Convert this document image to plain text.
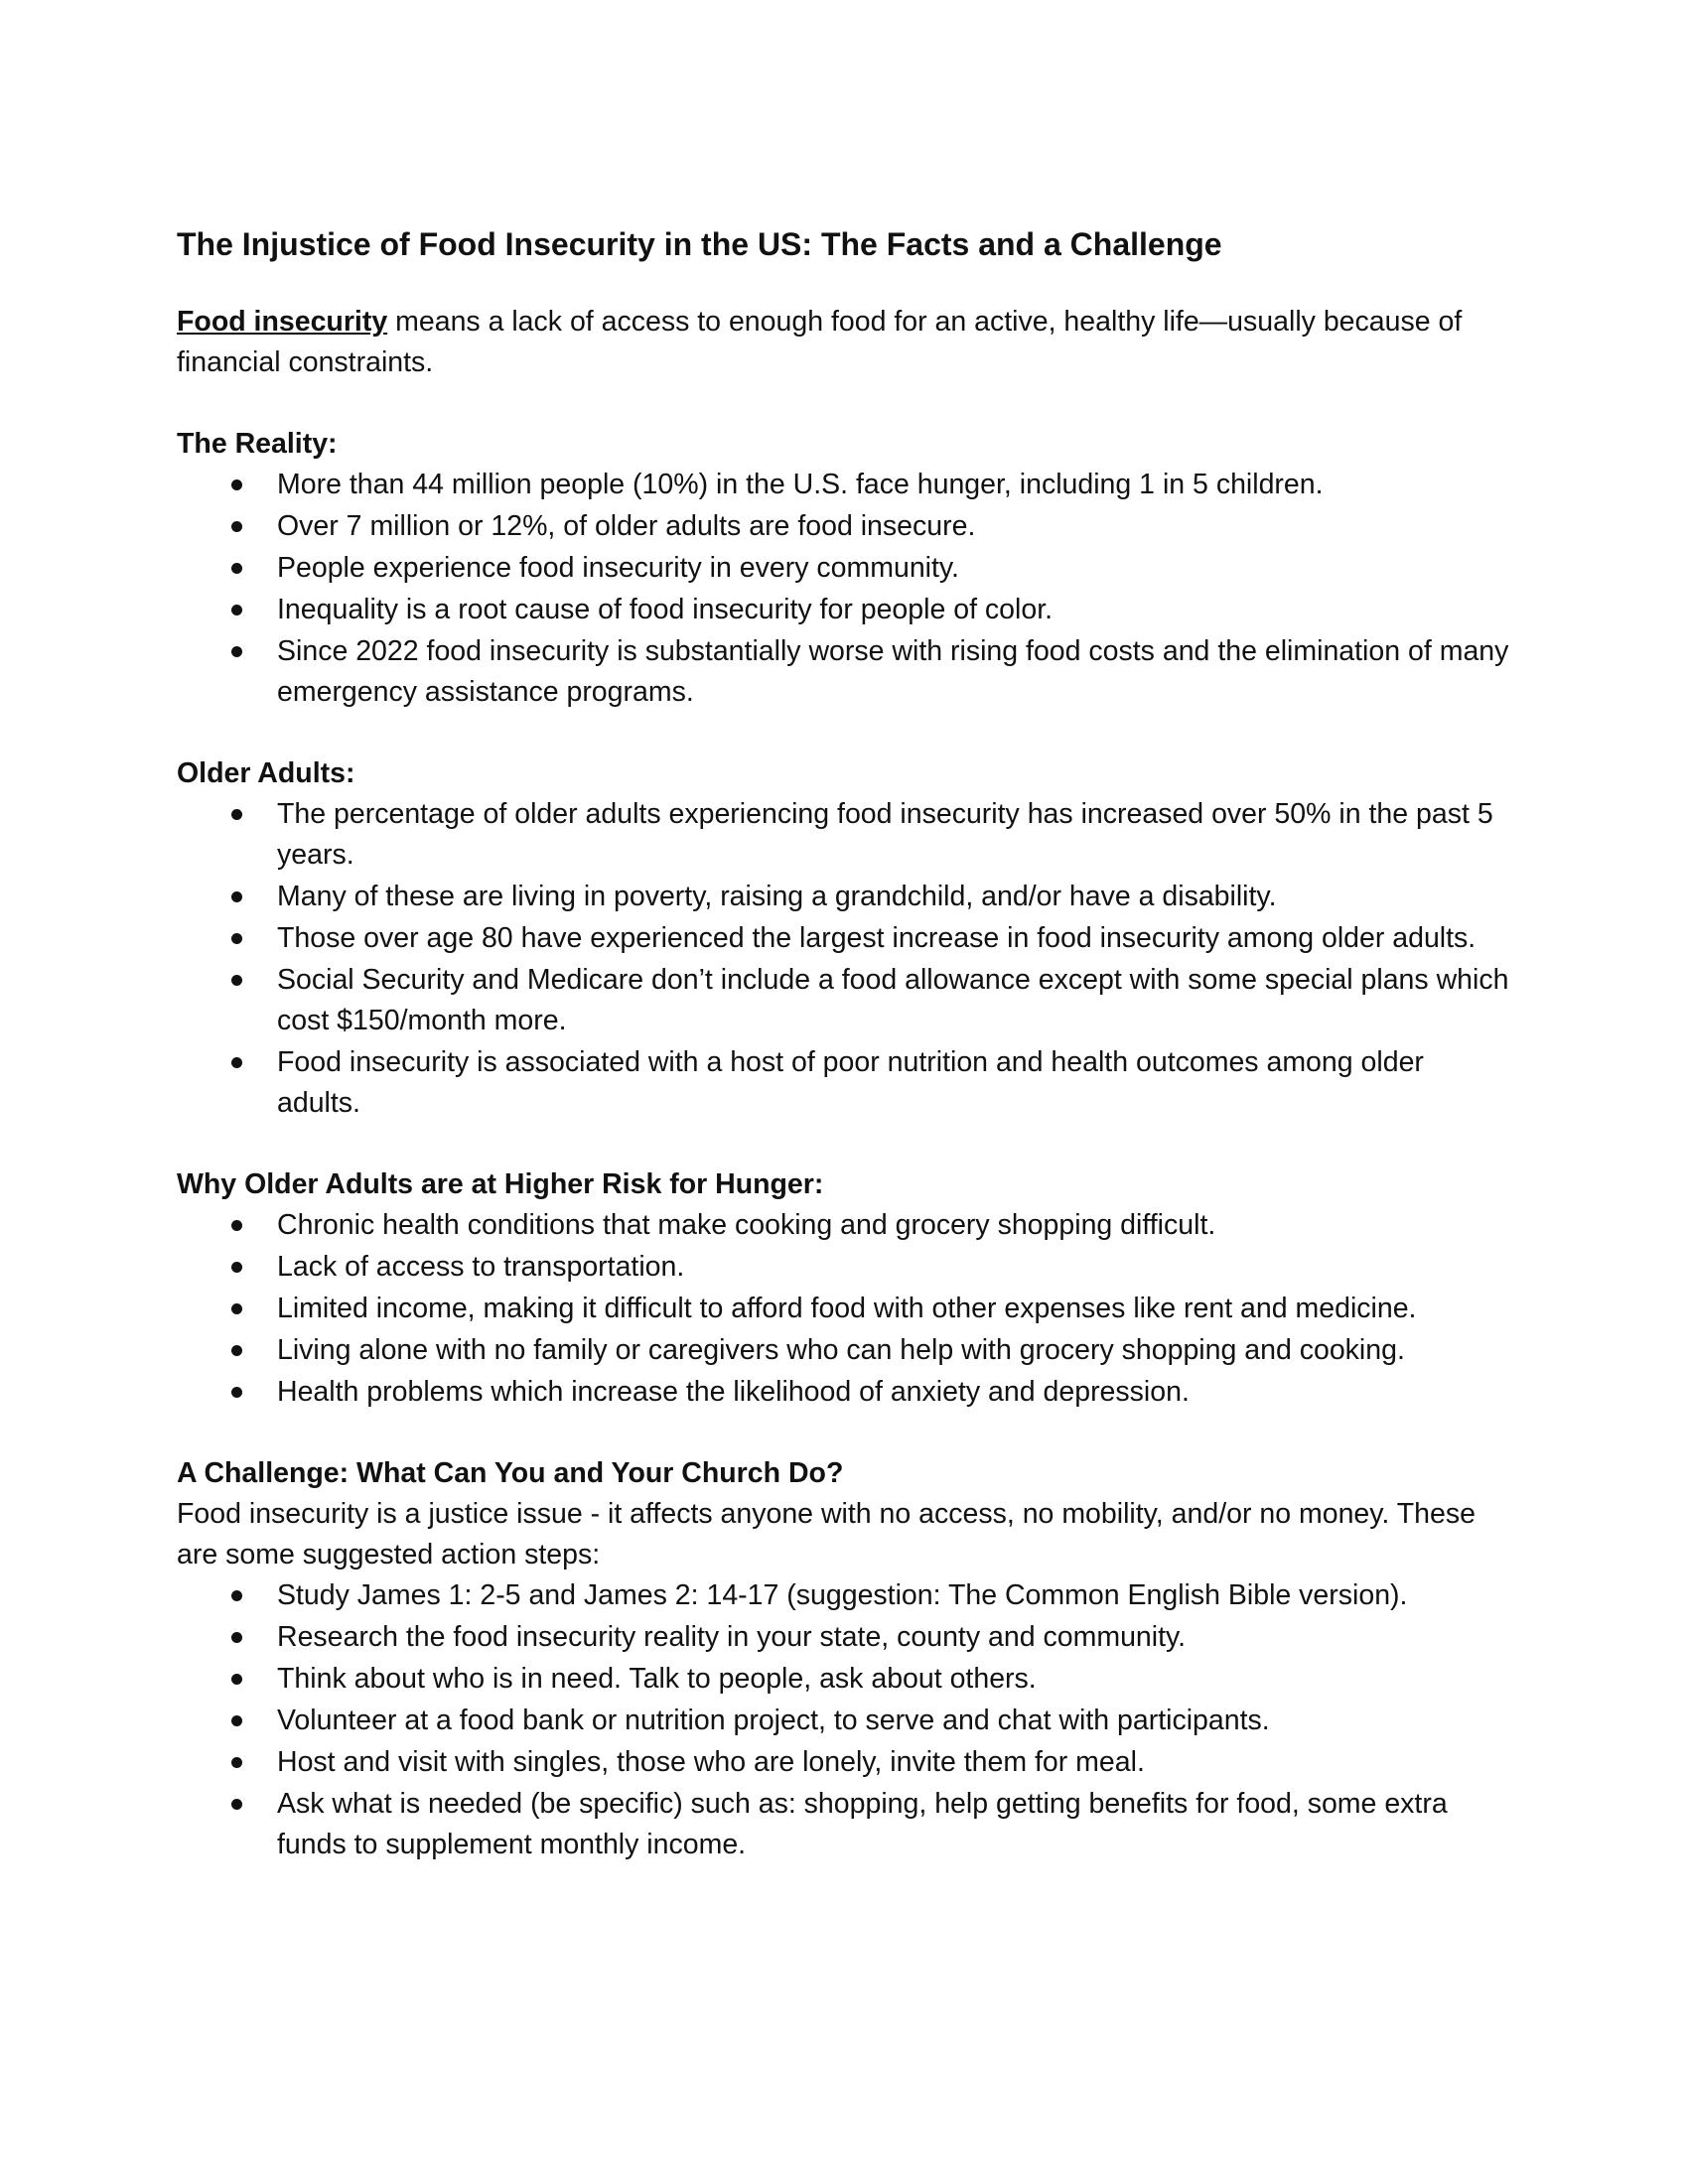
The Injustice of Food Insecurity in the US: The Facts and a Challenge

Food insecurity means a lack of access to enough food for an active, healthy life—usually because of financial constraints.

The Reality:

More than 44 million people (10%) in the U.S. face hunger, including 1 in 5 children.
Over 7 million or 12%, of older adults are food insecure.
People experience food insecurity in every community.
Inequality is a root cause of food insecurity for people of color.
Since 2022 food insecurity is substantially worse with rising food costs and the elimination of many emergency assistance programs.

Older Adults:

The percentage of older adults experiencing food insecurity has increased over 50% in the past 5 years.
Many of these are living in poverty, raising a grandchild, and/or have a disability.
Those over age 80 have experienced the largest increase in food insecurity among older adults.
Social Security and Medicare don’t include a food allowance except with some special plans which cost $150/month more.
Food insecurity is associated with a host of poor nutrition and health outcomes among older adults.

Why Older Adults are at Higher Risk for Hunger:

Chronic health conditions that make cooking and grocery shopping difficult.
Lack of access to transportation.
Limited income, making it difficult to afford food with other expenses like rent and medicine.
Living alone with no family or caregivers who can help with grocery shopping and cooking.
Health problems which increase the likelihood of anxiety and depression.

A Challenge: What Can You and Your Church Do?

Food insecurity is a justice issue - it affects anyone with no access, no mobility, and/or no money. These are some suggested action steps:

Study James 1: 2-5 and James 2: 14-17 (suggestion: The Common English Bible version).
Research the food insecurity reality in your state, county and community.
Think about who is in need. Talk to people, ask about others.
Volunteer at a food bank or nutrition project, to serve and chat with participants.
Host and visit with singles, those who are lonely, invite them for meal.
Ask what is needed (be specific) such as: shopping, help getting benefits for food, some extra funds to supplement monthly income.
